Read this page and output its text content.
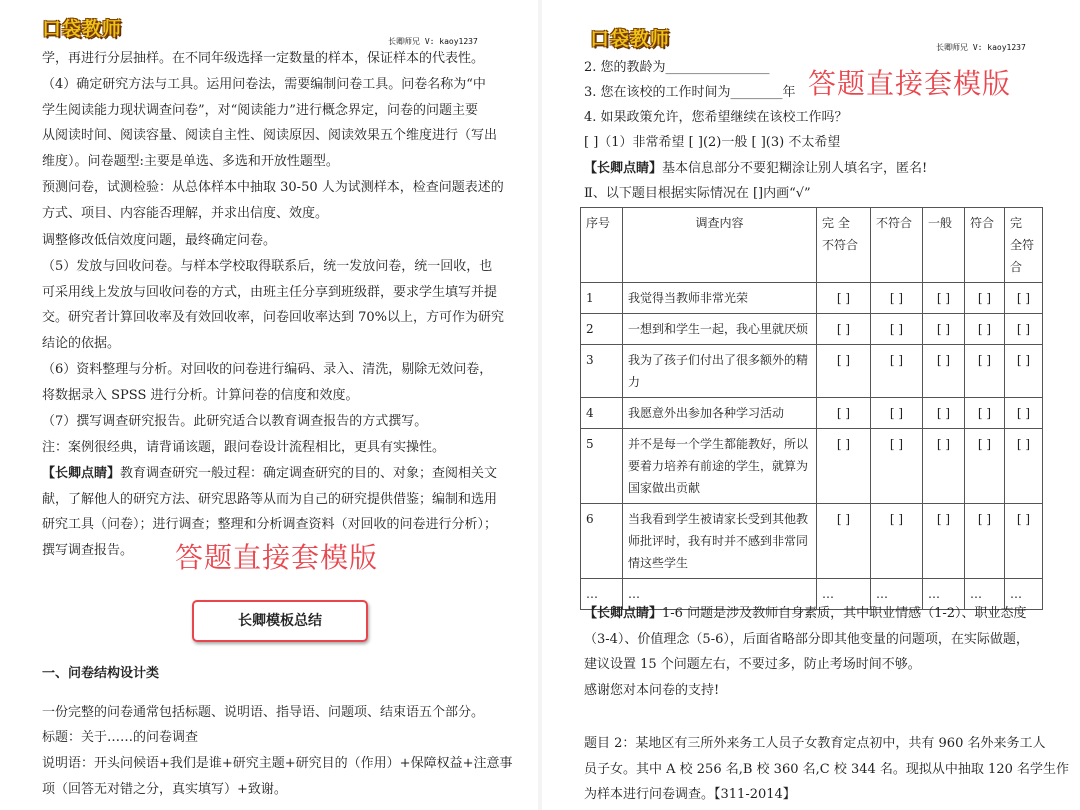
口袋教师
长卿师兄 V: kaoy1237
学，再进行分层抽样。在不同年级选择一定数量的样本，保证样本的代表性。
（4）确定研究方法与工具。运用问卷法，需要编制问卷工具。问卷名称为“中
学生阅读能力现状调查问卷”，对“阅读能力”进行概念界定，问卷的问题主要
从阅读时间、阅读容量、阅读自主性、阅读原因、阅读效果五个维度进行（写出
维度）。问卷题型:主要是单选、多选和开放性题型。
预测问卷，试测检验：从总体样本中抽取 30-50 人为试测样本，检查问题表述的
方式、项目、内容能否理解，并求出信度、效度。
调整修改低信效度问题，最终确定问卷。
（5）发放与回收问卷。与样本学校取得联系后，统一发放问卷，统一回收，也
可采用线上发放与回收问卷的方式，由班主任分享到班级群，要求学生填写并提
交。研究者计算回收率及有效回收率，问卷回收率达到 70%以上，方可作为研究
结论的依据。
（6）资料整理与分析。对回收的问卷进行编码、录入、清洗，剔除无效问卷，
将数据录入 SPSS 进行分析。计算问卷的信度和效度。
（7）撰写调查研究报告。此研究适合以教育调查报告的方式撰写。
注：案例很经典，请背诵该题，跟问卷设计流程相比，更具有实操性。
【长卿点睛】教育调查研究一般过程：确定调查研究的目的、对象；查阅相关文
献，了解他人的研究方法、研究思路等从而为自己的研究提供借鉴；编制和选用
研究工具（问卷）；进行调查；整理和分析调查资料（对回收的问卷进行分析）；
撰写调查报告。	答题直接套模版
长卿模板总结
一、问卷结构设计类
一份完整的问卷通常包括标题、说明语、指导语、问题项、结束语五个部分。
标题：关于……的问卷调查
说明语：开头问候语+我们是谁+研究主题+研究目的（作用）+保障权益+注意事
项（回答无对错之分，真实填写）+致谢。
口袋教师	长卿师兄 V: kaoy1237
2. 您的教龄为________________
3. 您在该校的工作时间为________年
4. 如果政策允许，您希望继续在该校工作吗？
[ ]（1）非常希望 [ ](2)一般 [ ](3) 不太希望
答题直接套模版
【长卿点睛】基本信息部分不要犯糊涂让别人填名字，匿名!
Ⅱ、以下题目根据实际情况在 []内画“√”
序号	调查内容	完 全 不符合	不符合	一般	符合	完 全符合
1	我觉得当教师非常光荣	[ ]	[ ]	[ ]	[ ]	[ ]
2	一想到和学生一起，我心里就厌烦	[ ]	[ ]	[ ]	[ ]	[ ]
3	我为了孩子们付出了很多额外的精力	[ ]	[ ]	[ ]	[ ]	[ ]
4	我愿意外出参加各种学习活动	[ ]	[ ]	[ ]	[ ]	[ ]
5	并不是每一个学生都能教好，所以要着力培养有前途的学生，就算为国家做出贡献	[ ]	[ ]	[ ]	[ ]	[ ]
6	当我看到学生被请家长受到其他教师批评时，我有时并不感到非常同情这些学生	[ ]	[ ]	[ ]	[ ]	[ ]
…	…	…	…	…	…	…
【长卿点睛】1-6 问题是涉及教师自身素质，其中职业情感（1-2）、职业态度
（3-4）、价值理念（5-6），后面省略部分即其他变量的问题项，在实际做题，
建议设置 15 个问题左右，不要过多，防止考场时间不够。
感谢您对本问卷的支持!
题目 2：某地区有三所外来务工人员子女教育定点初中，共有 960 名外来务工人
员子女。其中 A 校 256 名,B 校 360 名,C 校 344 名。现拟从中抽取 120 名学生作
为样本进行问卷调查。【311-2014】
